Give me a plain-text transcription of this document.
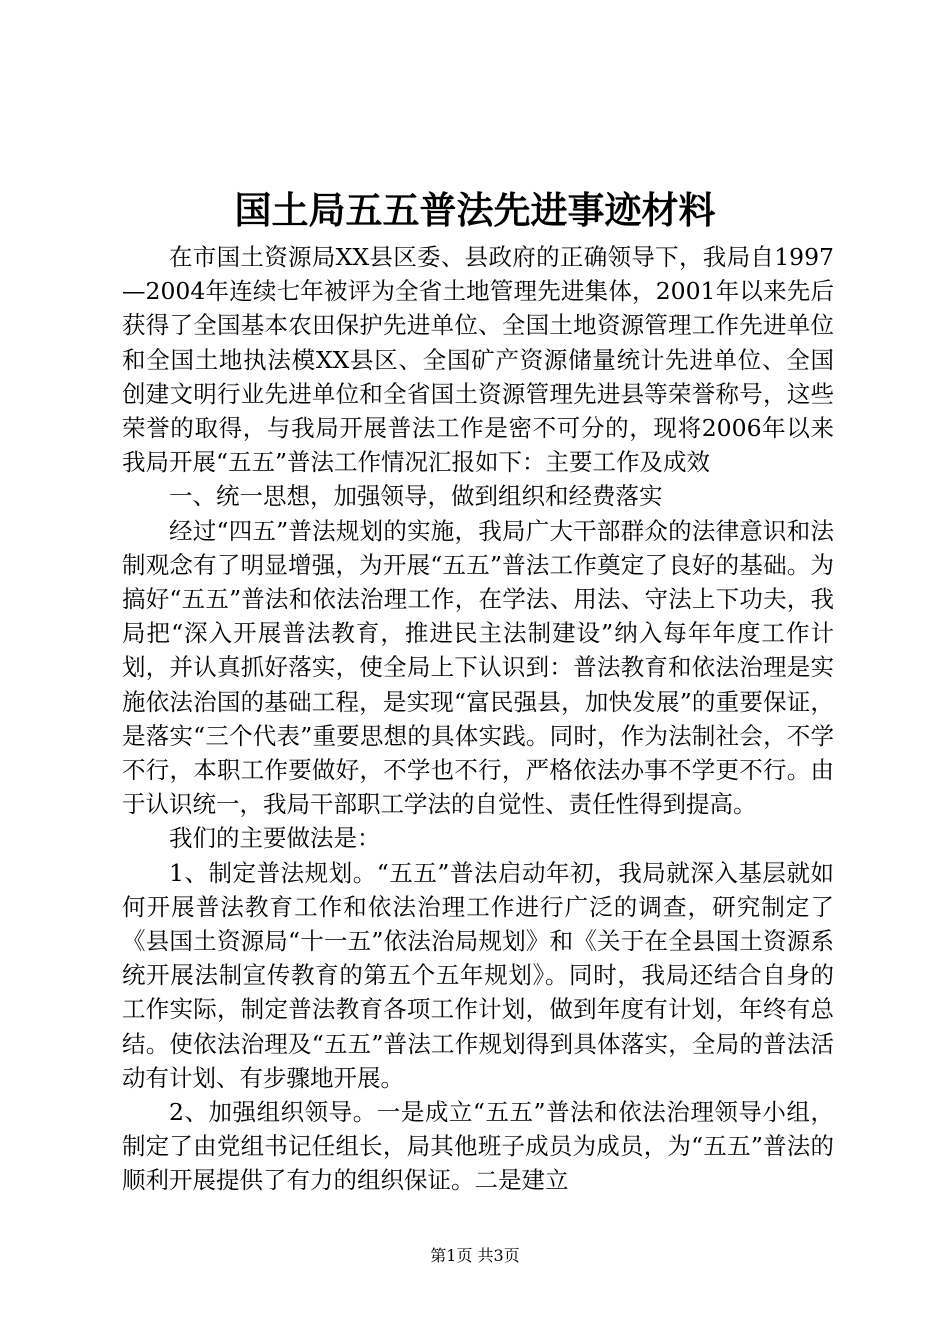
国土局五五普法先进事迹材料

在市国土资源局XX县区委、县政府的正确领导下，我局自1997—2004年连续七年被评为全省土地管理先进集体，2001年以来先后获得了全国基本农田保护先进单位、全国土地资源管理工作先进单位和全国土地执法模XX县区、全国矿产资源储量统计先进单位、全国创建文明行业先进单位和全省国土资源管理先进县等荣誉称号，这些荣誉的取得，与我局开展普法工作是密不可分的，现将2006年以来我局开展“五五”普法工作情况汇报如下：主要工作及成效

一、统一思想，加强领导，做到组织和经费落实

经过“四五”普法规划的实施，我局广大干部群众的法律意识和法制观念有了明显增强，为开展“五五”普法工作奠定了良好的基础。为搞好“五五”普法和依法治理工作，在学法、用法、守法上下功夫，我局把“深入开展普法教育，推进民主法制建设”纳入每年年度工作计划，并认真抓好落实，使全局上下认识到：普法教育和依法治理是实施依法治国的基础工程，是实现“富民强县，加快发展”的重要保证，是落实“三个代表”重要思想的具体实践。同时，作为法制社会，不学不行，本职工作要做好，不学也不行，严格依法办事不学更不行。由于认识统一，我局干部职工学法的自觉性、责任性得到提高。

我们的主要做法是：

1、制定普法规划。“五五”普法启动年初，我局就深入基层就如何开展普法教育工作和依法治理工作进行广泛的调查，研究制定了《县国土资源局“十一五”依法治局规划》和《关于在全县国土资源系统开展法制宣传教育的第五个五年规划》。同时，我局还结合自身的工作实际，制定普法教育各项工作计划，做到年度有计划，年终有总结。使依法治理及“五五”普法工作规划得到具体落实，全局的普法活动有计划、有步骤地开展。

2、加强组织领导。一是成立“五五”普法和依法治理领导小组，制定了由党组书记任组长，局其他班子成员为成员，为“五五”普法的顺利开展提供了有力的组织保证。二是建立

第1页 共3页
